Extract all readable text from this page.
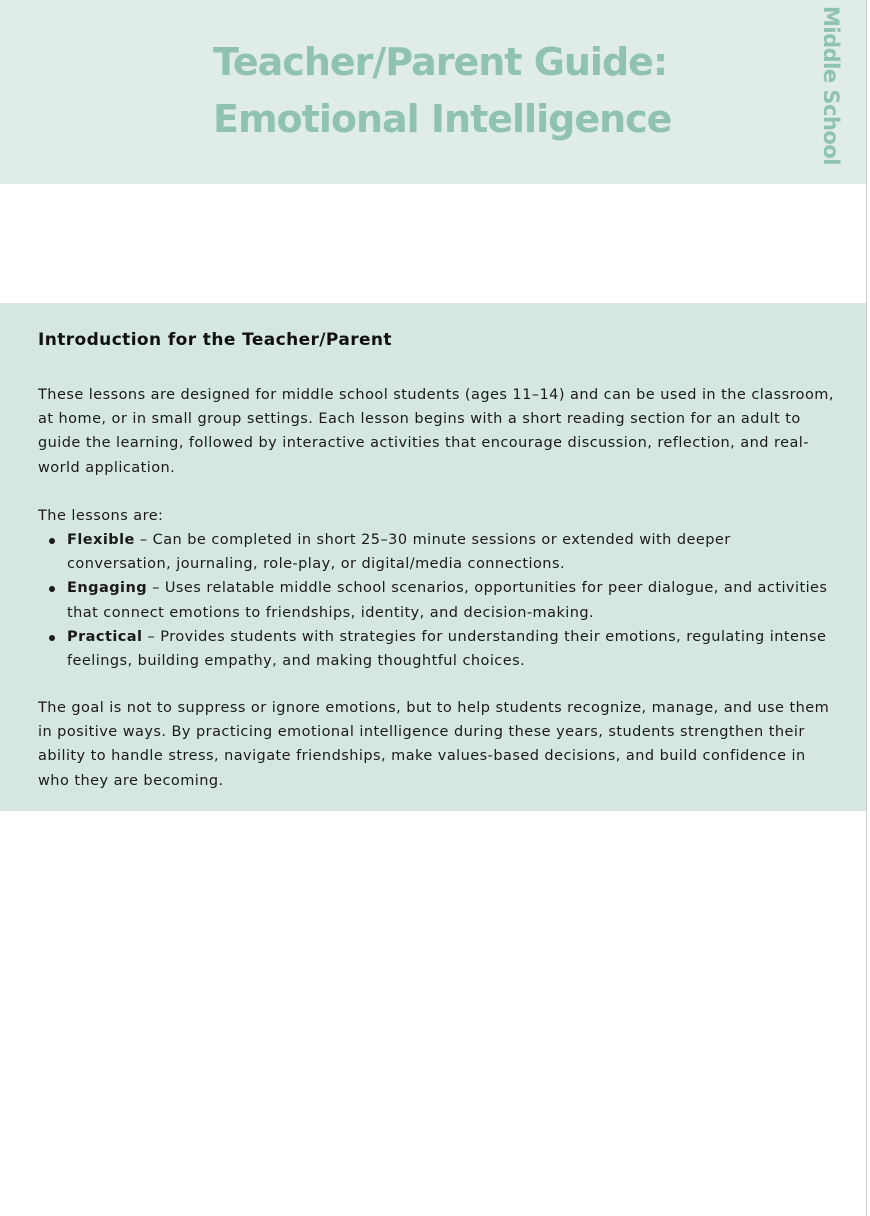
Teacher/Parent Guide:
Emotional Intelligence	Middle School
Introduction for the Teacher/Parent

These lessons are designed for middle school students (ages 11–14) and can be used in the classroom, at home, or in small group settings. Each lesson begins with a short reading section for an adult to guide the learning, followed by interactive activities that encourage discussion, reflection, and real-world application.

The lessons are:

Flexible – Can be completed in short 25–30 minute sessions or extended with deeper conversation, journaling, role-play, or digital/media connections.
Engaging – Uses relatable middle school scenarios, opportunities for peer dialogue, and activities that connect emotions to friendships, identity, and decision-making.
Practical – Provides students with strategies for understanding their emotions, regulating intense feelings, building empathy, and making thoughtful choices.

The goal is not to suppress or ignore emotions, but to help students recognize, manage, and use them in positive ways. By practicing emotional intelligence during these years, students strengthen their ability to handle stress, navigate friendships, make values-based decisions, and build confidence in who they are becoming.
